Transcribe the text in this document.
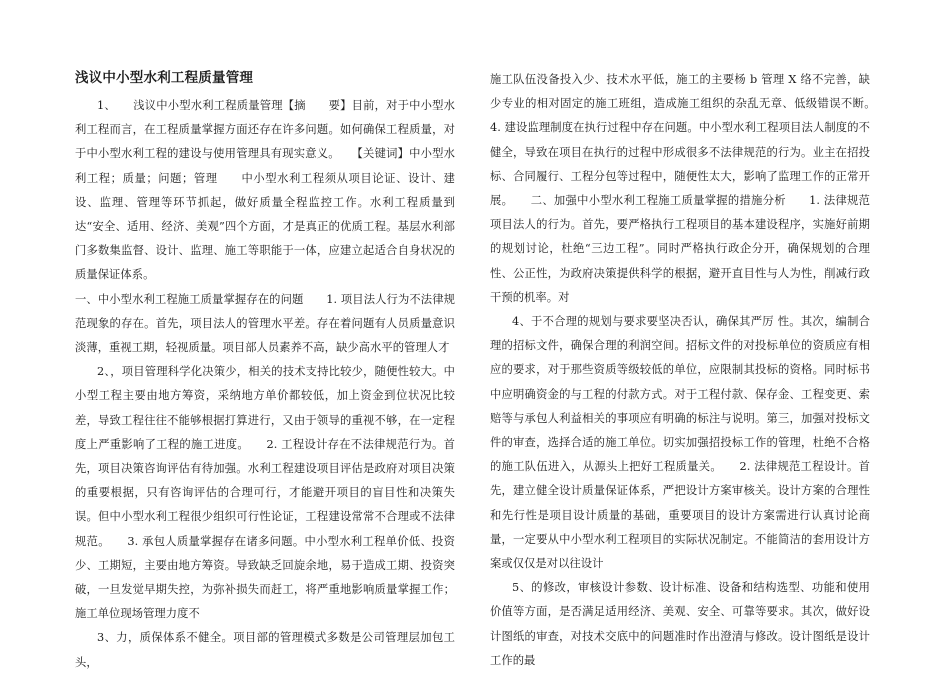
浅议中小型水利工程质量管理

1、　　浅议中小型水利工程质量管理【摘　　要】目前，对于中小型水利工程而言，在工程质量掌握方面还存在许多问题。如何确保工程质量，对于中小型水利工程的建设与使用管理具有现实意义。　　【关键词】中小型水利工程；质量；问题；管理　　中小型水利工程须从项目论证、设计、建设、监理、管理等环节抓起，做好质量全程监控工作。水利工程质量到达“安全、适用、经济、美观”四个方面，才是真正的优质工程。基层水利部门多数集监督、设计、监理、施工等职能于一体，应建立起适合自身状况的质量保证体系。

一、中小型水利工程施工质量掌握存在的问题　　1. 项目法人行为不法律规范现象的存在。首先，项目法人的管理水平差。存在着问题有人员质量意识淡薄，重视工期，轻视质量。项目部人员素养不高，缺少高水平的管理人才

2、，项目管理科学化决策少，相关的技术支持比较少，随便性较大。中小型工程主要由地方筹资，采纳地方单价都较低，加上资金到位状况比较差，导致工程往往不能够根据打算进行，又由于领导的重视不够，在一定程度上严重影响了工程的施工进度。　　2. 工程设计存在不法律规范行为。首先，项目决策咨询评估有待加强。水利工程建设项目评估是政府对项目决策的重要根据，只有咨询评估的合理可行，才能避开项目的盲目性和决策失误。但中小型水利工程很少组织可行性论证，工程建设常常不合理或不法律规范。　　3. 承包人质量掌握存在诸多问题。中小型水利工程单价低、投资少、工期短，主要由地方筹资。导致缺乏回旋余地，易于造成工期、投资突破，一旦发觉早期失控，为弥补损失而赶工，将严重地影响质量掌握工作；施工单位现场管理力度不

3、力，质保体系不健全。项目部的管理模式多数是公司管理层加包工头，

施工队伍没备投入少、技术水平低，施工的主要杨 b 管理 X 络不完善，缺少专业的相对固定的施工班组，造成施工组织的杂乱无章、低级错误不断。　　4. 建设监理制度在执行过程中存在问题。中小型水利工程项目法人制度的不健全，导致在项目在执行的过程中形成很多不法律规范的行为。业主在招投标、合同履行、工程分包等过程中，随便性太大，影响了监理工作的正常开展。　　二、加强中小型水利工程施工质量掌握的措施分析　　1. 法律规范项目法人的行为。首先，要严格执行工程项目的基本建设程序，实施好前期的规划讨论，杜绝“三边工程”。同时严格执行政企分开，确保规划的合理性、公正性，为政府决策提供科学的根据，避开直目性与人为性，削减行政干预的机率。对

4、于不合理的规划与要求要坚决否认，确保其严厉 性。其次，编制合理的招标文件，确保合理的利润空间。招标文件的对投标单位的资质应有相应的要求，对于那些资质等级较低的单位，应限制其投标的资格。同时标书中应明确资金的与工程的付款方式。对于工程付款、保存金、工程变更、索赔等与承包人利益相关的事项应有明确的标注与说明。第三，加强对投标文件的审查，选择合适的施工单位。切实加强招投标工作的管理，杜绝不合格的施工队伍进入，从源头上把好工程质量关。　　2. 法律规范工程设计。首先，建立健全设计质量保证体系，严把设计方案审核关。设计方案的合理性和先行性是项目设计质量的基础，重要项目的设计方案需进行认真讨论商量，一定要从中小型水利工程项目的实际状况制定。不能简洁的套用设计方案或仅仅是对以往设计

5、的修改，审核设计参数、设计标准、设备和结构选型、功能和使用价值等方面，是否满足适用经济、美观、安全、可靠等要求。其次，做好设计图纸的审查，对技术交底中的问题准时作出澄清与修改。设计图纸是设计工作的最
